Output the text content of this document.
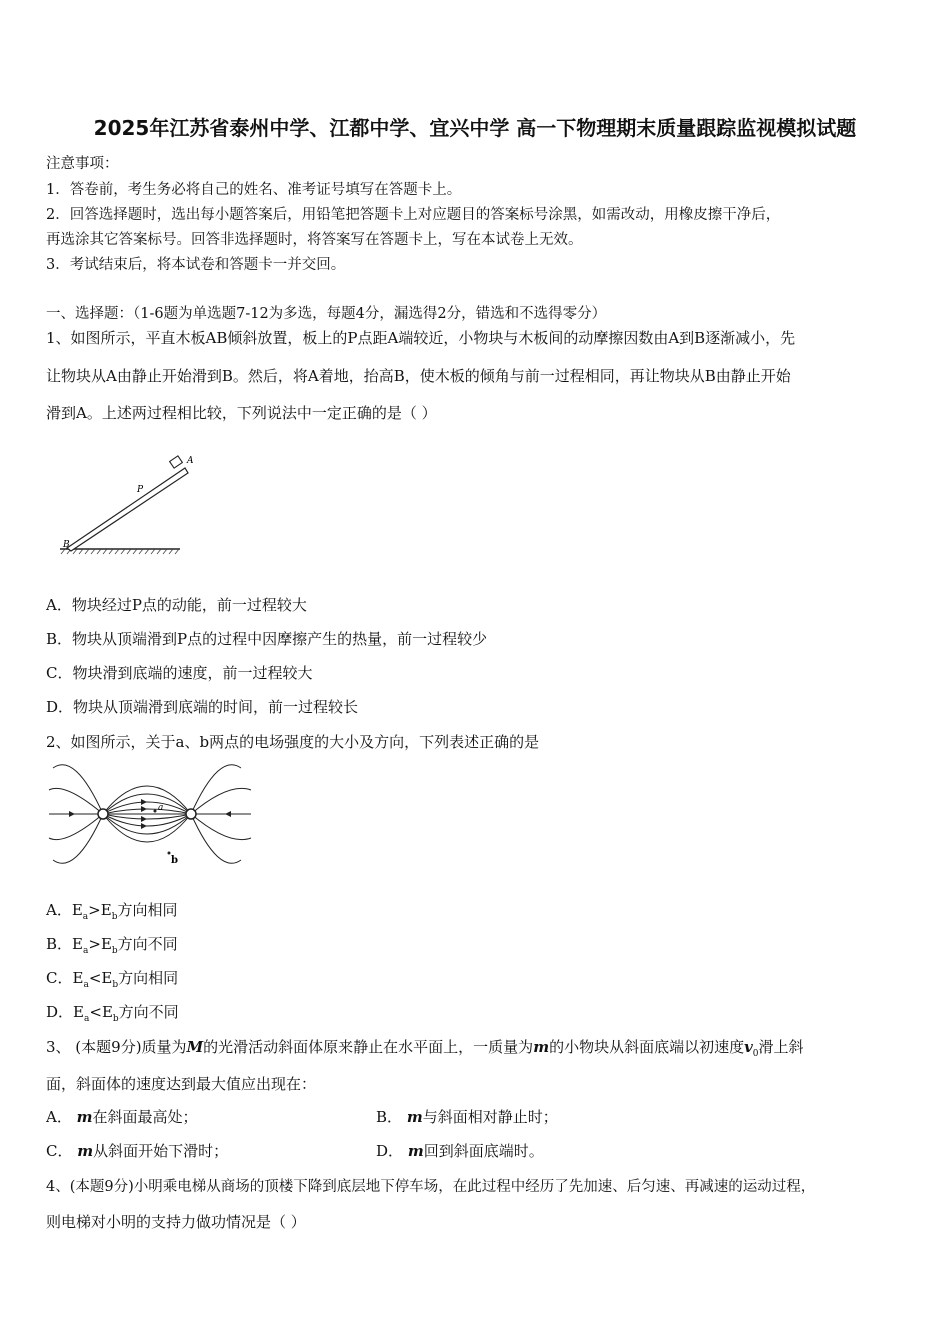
2025年江苏省泰州中学、江都中学、宜兴中学 高一下物理期末质量跟踪监视模拟试题
注意事项：
1．答卷前，考生务必将自己的姓名、准考证号填写在答题卡上。
2．回答选择题时，选出每小题答案后，用铅笔把答题卡上对应题目的答案标号涂黑，如需改动，用橡皮擦干净后，
再选涂其它答案标号。回答非选择题时，将答案写在答题卡上，写在本试卷上无效。
3．考试结束后，将本试卷和答题卡一并交回。
一、选择题：（1-6题为单选题7-12为多选，每题4分，漏选得2分，错选和不选得零分）
1、如图所示，平直木板AB倾斜放置，板上的P点距A端较近，小物块与木板间的动摩擦因数由A到B逐渐减小，先
让物块从A由静止开始滑到B。然后，将A着地，抬高B，使木板的倾角与前一过程相同，再让物块从B由静止开始
滑到A。上述两过程相比较，下列说法中一定正确的是（ ）
A
B
P
A．物块经过P点的动能，前一过程较大
B．物块从顶端滑到P点的过程中因摩擦产生的热量，前一过程较少
C．物块滑到底端的速度，前一过程较大
D．物块从顶端滑到底端的时间，前一过程较长
2、如图所示，关于a、b两点的电场强度的大小及方向，下列表述正确的是
a
b
A．$E_a>E_b$方向相同
B．$E_a>E_b$方向不同
C．$E_a<E_b$方向相同
D．$E_a<E_b$方向不同
3、 (本题9分)质量为M的光滑活动斜面体原来静止在水平面上，一质量为m的小物块从斜面底端以初速度$v_0$滑上斜
面，斜面体的速度达到最大值应出现在：
A． m在斜面最高处；	B． m与斜面相对静止时；
C． m从斜面开始下滑时；	D． m回到斜面底端时。
4、(本题9分)小明乘电梯从商场的顶楼下降到底层地下停车场，在此过程中经历了先加速、后匀速、再减速的运动过程，
则电梯对小明的支持力做功情况是（ ）
